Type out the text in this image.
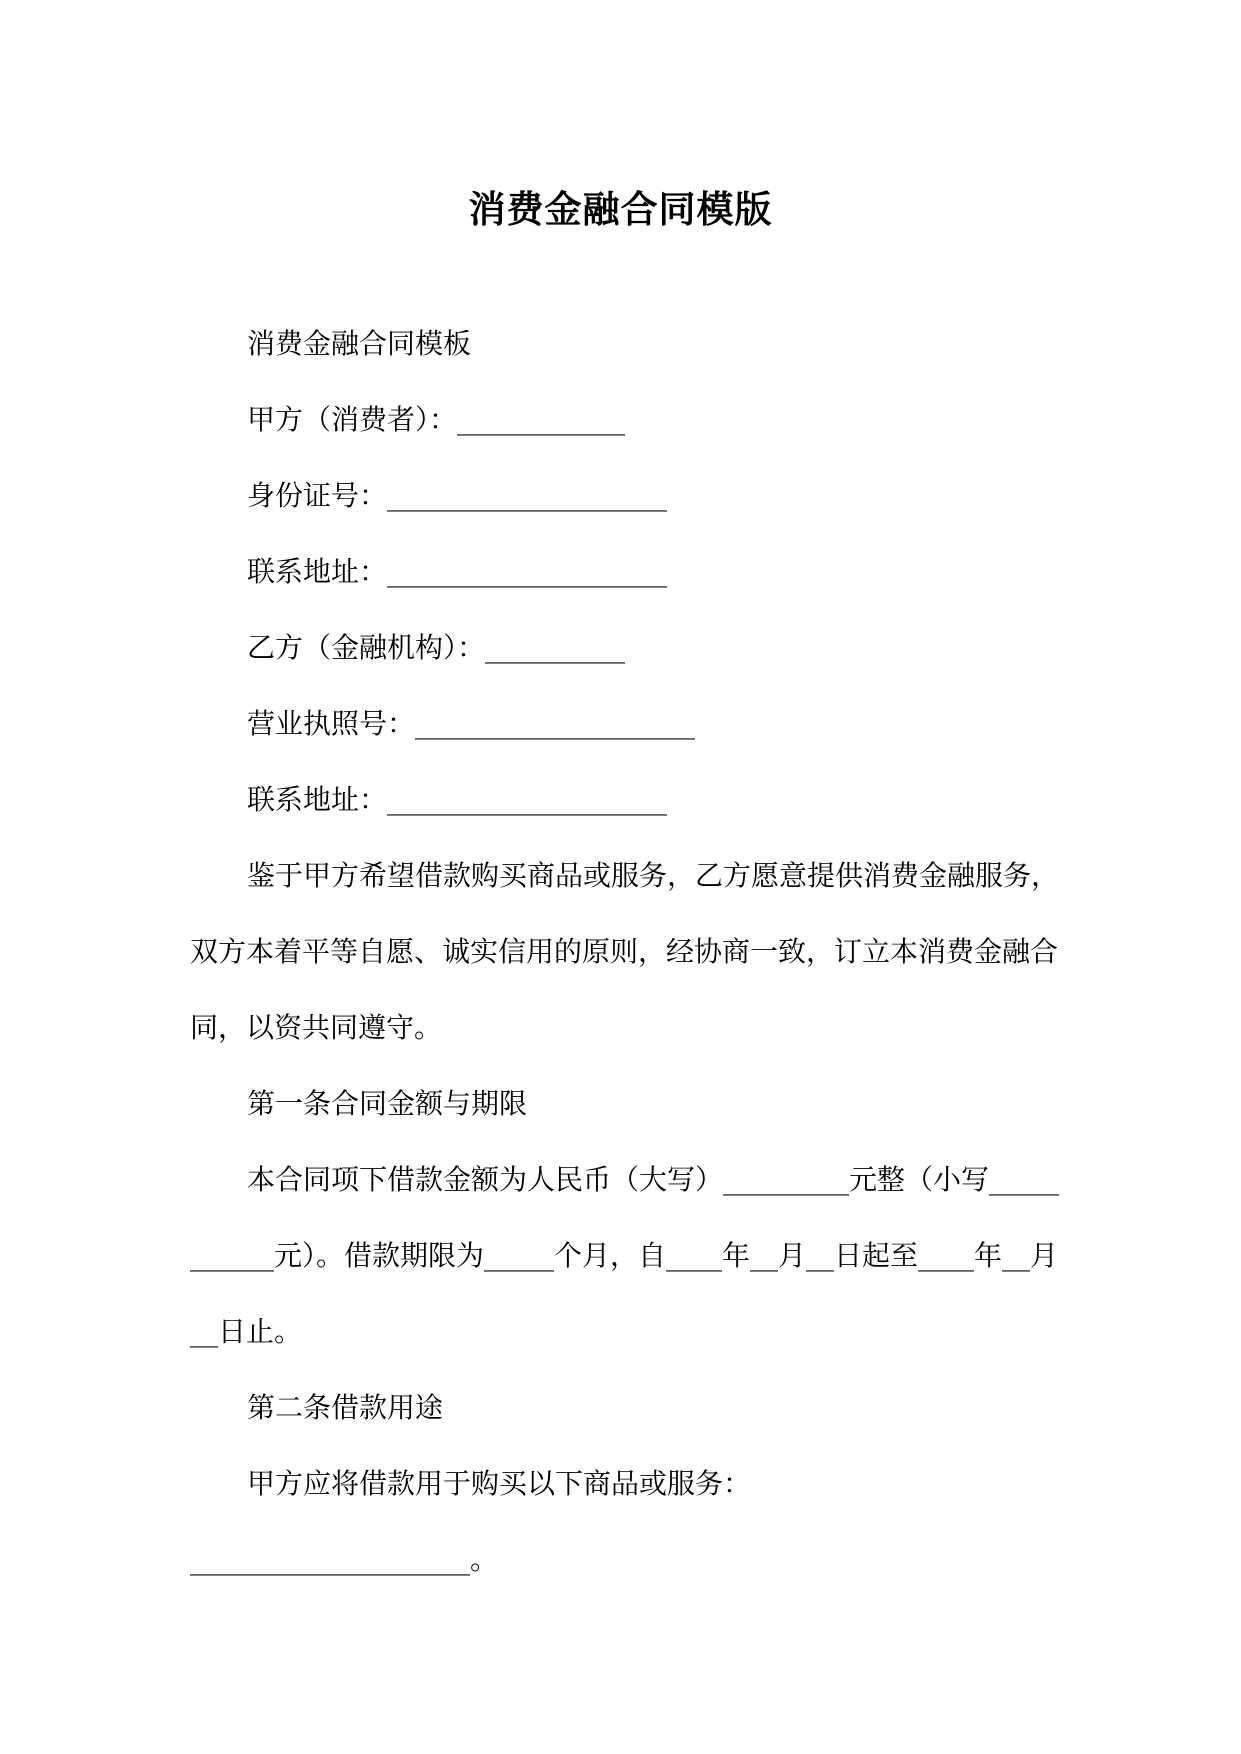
消费金融合同模版

消费金融合同模板

甲方（消费者）：____________

身份证号：____________________

联系地址：____________________

乙方（金融机构）：__________

营业执照号：____________________

联系地址：____________________

鉴于甲方希望借款购买商品或服务，乙方愿意提供消费金融服务，双方本着平等自愿、诚实信用的原则，经协商一致，订立本消费金融合同，以资共同遵守。

第一条合同金额与期限

本合同项下借款金额为人民币（大写）_________元整（小写___________元）。借款期限为_____个月，自____年__月__日起至____年__月__日止。

第二条借款用途

甲方应将借款用于购买以下商品或服务：

____________________。
